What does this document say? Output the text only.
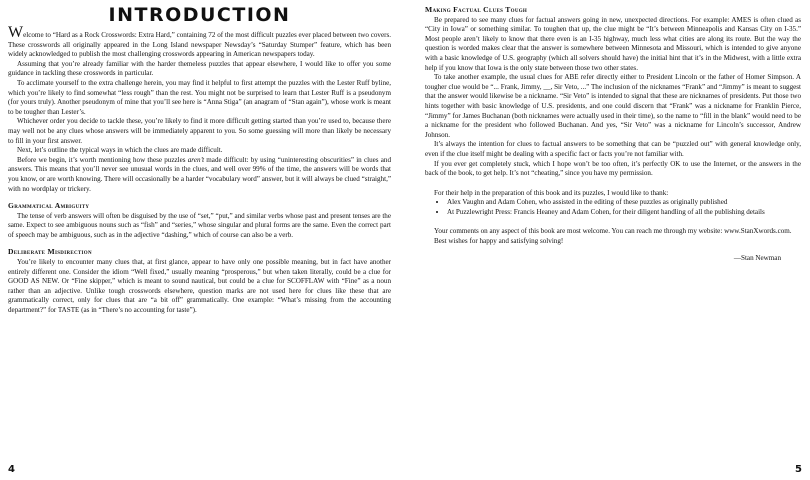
INTRODUCTION

Welcome to “Hard as a Rock Crosswords: Extra Hard,” containing 72 of the most difficult puzzles ever placed between two covers. These crosswords all originally appeared in the Long Island newspaper Newsday’s “Saturday Stumper” feature, which has been widely acknowledged to publish the most challenging crosswords appearing in American newspapers today.

Assuming that you’re already familiar with the harder themeless puzzles that appear elsewhere, I would like to offer you some guidance in tackling these crosswords in particular.

To acclimate yourself to the extra challenge herein, you may find it helpful to first attempt the puzzles with the Lester Ruff byline, which you’re likely to find somewhat “less rough” than the rest. You might not be surprised to learn that Lester Ruff is a pseudonym (for yours truly). Another pseudonym of mine that you’ll see here is “Anna Stiga” (an anagram of “Stan again”), whose work is meant to be tougher than Lester’s.

Whichever order you decide to tackle these, you’re likely to find it more difficult getting started than you’re used to, because there may well not be any clues whose answers will be immediately apparent to you. So some guessing will more than likely be necessary to fill in your first answer.

Next, let’s outline the typical ways in which the clues are made difficult.

Before we begin, it’s worth mentioning how these puzzles aren’t made difficult: by using “uninteresting obscurities” in clues and answers. This means that you’ll never see unusual words in the clues, and well over 99% of the time, the answers will be words that you know, or are worth knowing. There will occasionally be a harder “vocabulary word” answer, but it will always be clued “straight,” with no wordplay or trickery.

Grammatical Ambiguity

The tense of verb answers will often be disguised by the use of “set,” “put,” and similar verbs whose past and present tenses are the same. Expect to see ambiguous nouns such as “fish” and “series,” whose singular and plural forms are the same. Even the correct part of speech may be ambiguous, such as in the adjective “dashing,” which of course can also be a verb.

Deliberate Misdirection

You’re likely to encounter many clues that, at first glance, appear to have only one possible meaning, but in fact have another entirely different one. Consider the idiom “Well fixed,” usually meaning “prosperous,” but when taken literally, could be a clue for GOOD AS NEW. Or “Fine skipper,” which is meant to sound nautical, but could be a clue for SCOFFLAW with “Fine” as a noun rather than an adjective. Unlike tough crosswords elsewhere, question marks are not used here for clues like these that are grammatically correct, only for clues that are “a bit off” grammatically. One example: “What’s missing from the accounting department?” for TASTE (as in “There’s no accounting for taste”).

4
Making Factual Clues Tough

Be prepared to see many clues for factual answers going in new, unexpected directions. For example: AMES is often clued as “City in Iowa” or something similar. To toughen that up, the clue might be “It’s between Minneapolis and Kansas City on I-35.” Most people aren’t likely to know that there even is an I-35 highway, much less what cities are along its route. But the way the question is worded makes clear that the answer is somewhere between Minnesota and Missouri, which is intended to give anyone with a basic knowledge of U.S. geography (which all solvers should have) the initial hint that it’s in the Midwest, with a little extra help if you know that Iowa is the only state between those two other states.

To take another example, the usual clues for ABE refer directly either to President Lincoln or the father of Homer Simpson. A tougher clue would be “... Frank, Jimmy, __, Sir Veto, ...” The inclusion of the nicknames “Frank” and “Jimmy” is meant to suggest that the answer would likewise be a nickname. “Sir Veto” is intended to signal that these are nicknames of presidents. Put those two hints together with basic knowledge of U.S. presidents, and one could discern that “Frank” was a nickname for Franklin Pierce, “Jimmy” for James Buchanan (both nicknames were actually used in their time), so the name to “fill in the blank” would need to be a nickname for the president who followed Buchanan. And yes, “Sir Veto” was a nickname for Lincoln’s successor, Andrew Johnson.

It’s always the intention for clues to factual answers to be something that can be “puzzled out” with general knowledge only, even if the clue itself might be dealing with a specific fact or facts you’re not familiar with.

If you ever get completely stuck, which I hope won’t be too often, it’s perfectly OK to use the Internet, or the answers in the back of the book, to get help. It’s not “cheating,” since you have my permission.

For their help in the preparation of this book and its puzzles, I would like to thank:

• Alex Vaughn and Adam Cohen, who assisted in the editing of these puzzles as originally published
• At Puzzlewright Press: Francis Heaney and Adam Cohen, for their diligent handling of all the publishing details

Your comments on any aspect of this book are most welcome. You can reach me through my website: www.StanXwords.com.

Best wishes for happy and satisfying solving!

—Stan Newman
5
